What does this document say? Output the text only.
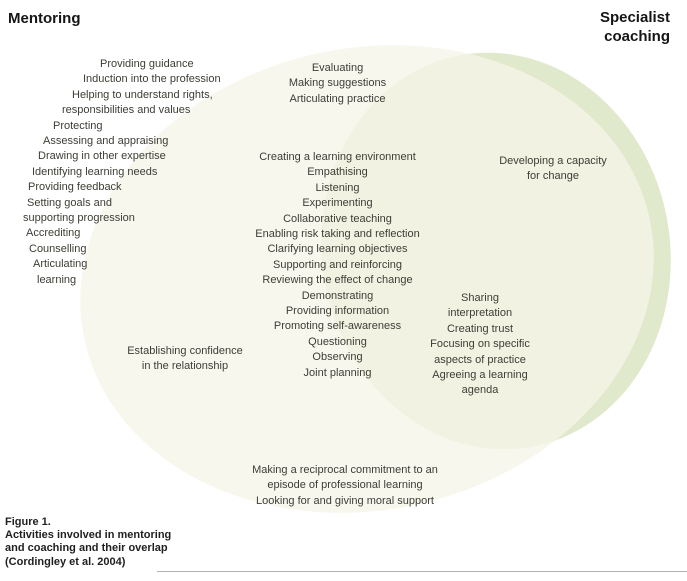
Mentoring	Specialist
coaching
Providing guidance
Induction into the profession
Helping to understand rights,
responsibilities and values
Protecting
Assessing and appraising
Drawing in other expertise
Identifying learning needs
Providing feedback
Setting goals and
supporting progression
Accrediting
Counselling
Articulating
learning
Establishing confidence
in the relationship
Evaluating
Making suggestions
Articulating practice
Creating a learning environment
Empathising
Listening
Experimenting
Collaborative teaching
Enabling risk taking and reflection
Clarifying learning objectives
Supporting and reinforcing
Reviewing the effect of change
Demonstrating
Providing information
Promoting self-awareness
Questioning
Observing
Joint planning
Developing a capacity
for change
Sharing
interpretation
Creating trust
Focusing on specific
aspects of practice
Agreeing a learning
agenda
Making a reciprocal commitment to an
episode of professional learning
Looking for and giving moral support
Figure 1.
Activities involved in mentoring
and coaching and their overlap
(Cordingley et al. 2004)
